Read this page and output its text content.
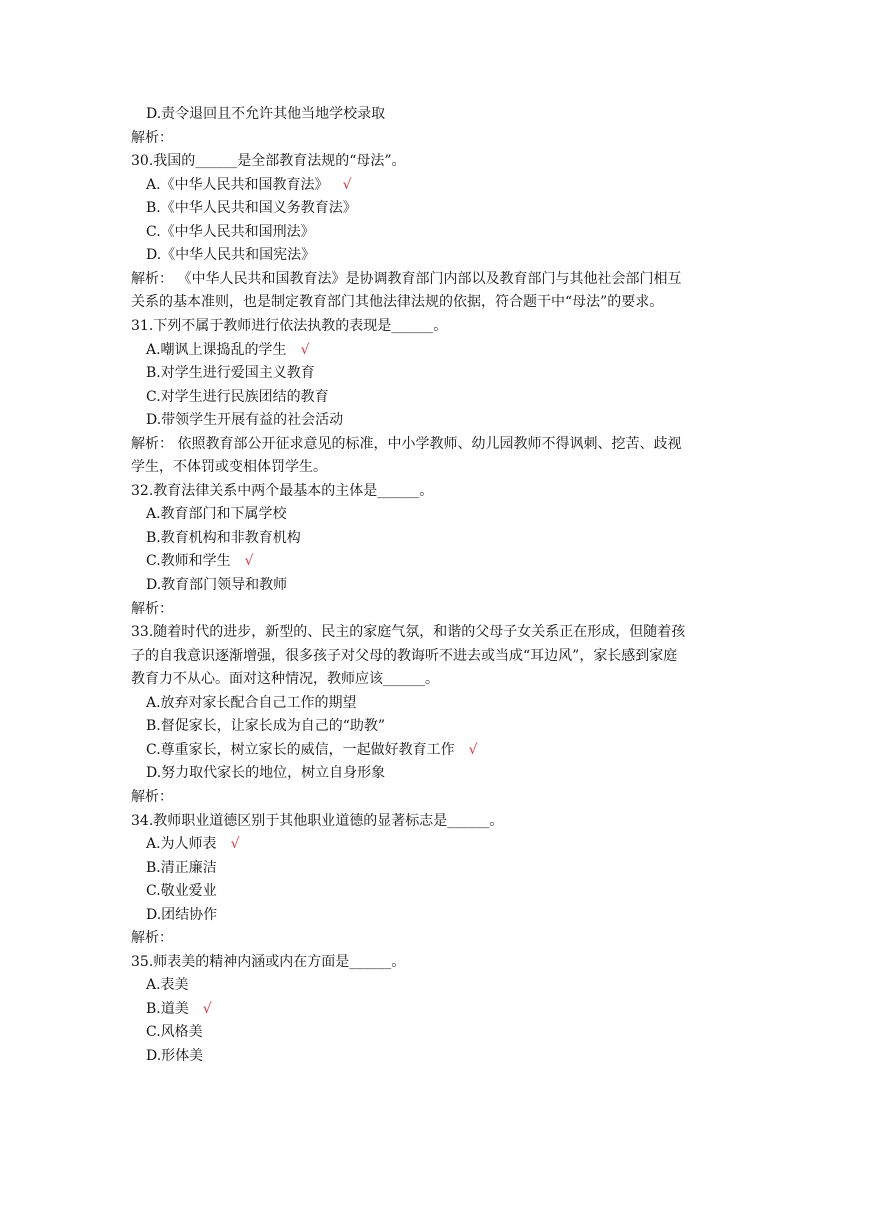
D.责令退回且不允许其他当地学校录取
解析：
30.我国的______是全部教育法规的“母法”。
A.《中华人民共和国教育法》 √
B.《中华人民共和国义务教育法》
C.《中华人民共和国刑法》
D.《中华人民共和国宪法》
解析： 《中华人民共和国教育法》是协调教育部门内部以及教育部门与其他社会部门相互
关系的基本准则，也是制定教育部门其他法律法规的依据，符合题干中“母法”的要求。
31.下列不属于教师进行依法执教的表现是______。
A.嘲讽上课捣乱的学生 √
B.对学生进行爱国主义教育
C.对学生进行民族团结的教育
D.带领学生开展有益的社会活动
解析： 依照教育部公开征求意见的标准，中小学教师、幼儿园教师不得讽刺、挖苦、歧视
学生，不体罚或变相体罚学生。
32.教育法律关系中两个最基本的主体是______。
A.教育部门和下属学校
B.教育机构和非教育机构
C.教师和学生 √
D.教育部门领导和教师
解析：
33.随着时代的进步，新型的、民主的家庭气氛，和谐的父母子女关系正在形成，但随着孩
子的自我意识逐渐增强，很多孩子对父母的教诲听不进去或当成“耳边风”，家长感到家庭
教育力不从心。面对这种情况，教师应该______。
A.放弃对家长配合自己工作的期望
B.督促家长，让家长成为自己的“助教”
C.尊重家长，树立家长的威信，一起做好教育工作 √
D.努力取代家长的地位，树立自身形象
解析：
34.教师职业道德区别于其他职业道德的显著标志是______。
A.为人师表 √
B.清正廉洁
C.敬业爱业
D.团结协作
解析：
35.师表美的精神内涵或内在方面是______。
A.表美
B.道美 √
C.风格美
D.形体美
